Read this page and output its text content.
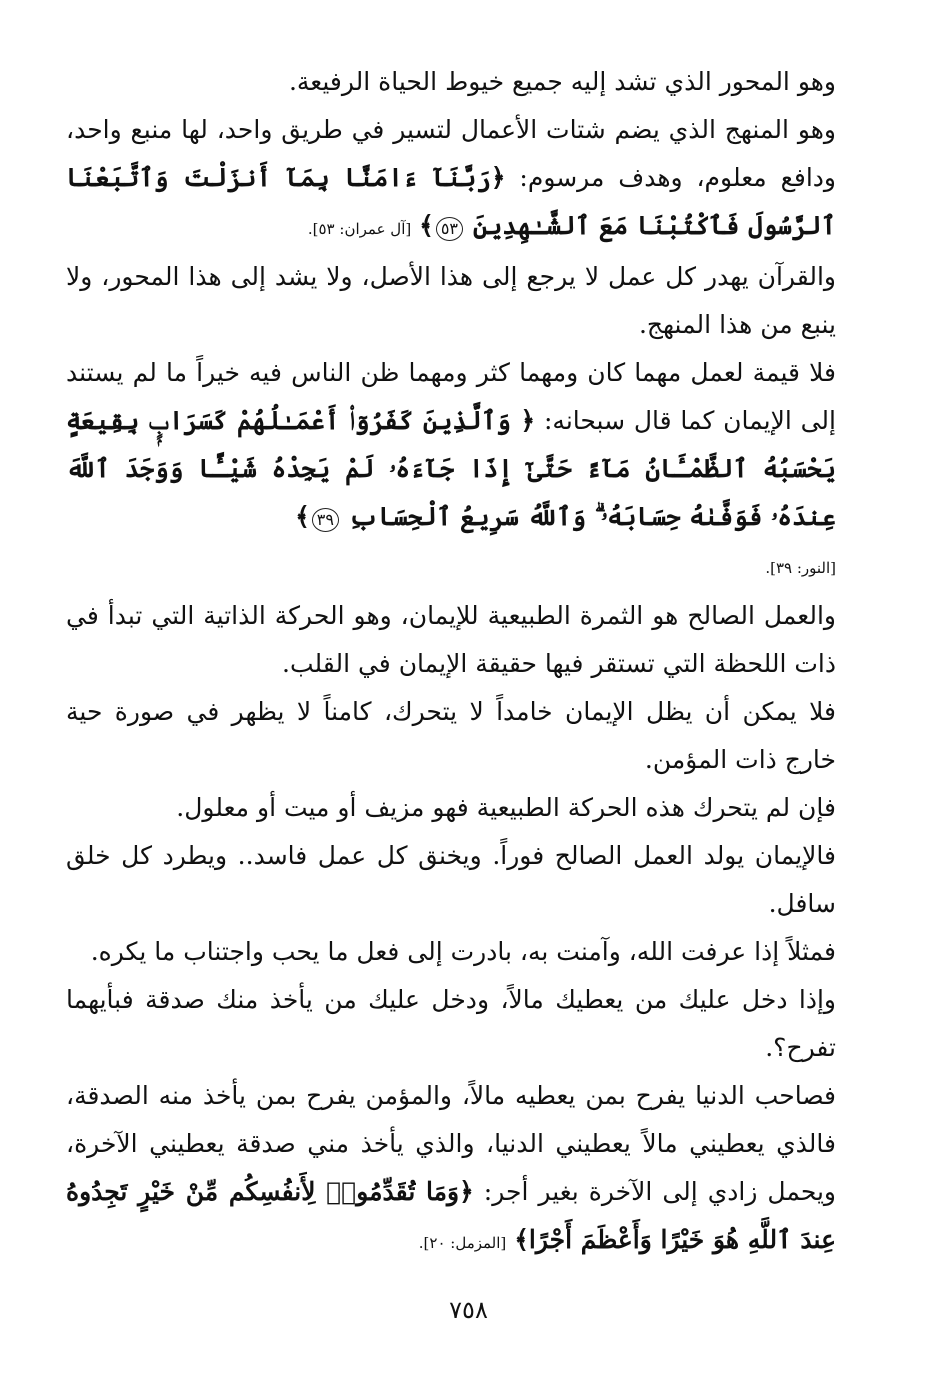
وهو المحور الذي تشد إليه جميع خيوط الحياة الرفيعة.

وهو المنهج الذي يضم شتات الأعمال لتسير في طريق واحد، لها منبع واحد، ودافع معلوم، وهدف مرسوم: ﴿رَبَّنَآ ءَامَنَّا بِمَآ أَنزَلْتَ وَٱتَّبَعْنَا ٱلرَّسُولَ فَٱكْتُبْنَا مَعَ ٱلشَّـٰهِدِينَ ٥٣﴾ [آل عمران: ٥٣].

والقرآن يهدر كل عمل لا يرجع إلى هذا الأصل، ولا يشد إلى هذا المحور، ولا ينبع من هذا المنهج.

فلا قيمة لعمل مهما كان ومهما كثر ومهما ظن الناس فيه خيراً ما لم يستند إلى الإيمان كما قال سبحانه: ﴿ وَٱلَّذِينَ كَفَرُوٓا۟ أَعْمَـٰلُهُمْ كَسَرَابٍۭ بِقِيعَةٍ يَحْسَبُهُ ٱلظَّمْـَٔانُ مَآءً حَتَّىٰٓ إِذَا جَآءَهُۥ لَمْ يَجِدْهُ شَيْـًٔا وَوَجَدَ ٱللَّهَ عِندَهُۥ فَوَفَّىٰهُ حِسَابَهُۥ ۗ وَٱللَّهُ سَرِيعُ ٱلْحِسَابِ ٣٩﴾
[النور: ٣٩].

والعمل الصالح هو الثمرة الطبيعية للإيمان، وهو الحركة الذاتية التي تبدأ في ذات اللحظة التي تستقر فيها حقيقة الإيمان في القلب.

فلا يمكن أن يظل الإيمان خامداً لا يتحرك، كامناً لا يظهر في صورة حية خارج ذات المؤمن.

فإن لم يتحرك هذه الحركة الطبيعية فهو مزيف أو ميت أو معلول.

فالإيمان يولد العمل الصالح فوراً. ويخنق كل عمل فاسد.. ويطرد كل خلق سافل.

فمثلاً إذا عرفت الله، وآمنت به، بادرت إلى فعل ما يحب واجتناب ما يكره.

وإذا دخل عليك من يعطيك مالاً، ودخل عليك من يأخذ منك صدقة فبأيهما تفرح؟.

فصاحب الدنيا يفرح بمن يعطيه مالاً، والمؤمن يفرح بمن يأخذ منه الصدقة، فالذي يعطيني مالاً يعطيني الدنيا، والذي يأخذ مني صدقة يعطيني الآخرة، ويحمل زادي إلى الآخرة بغير أجر: ﴿وَمَا تُقَدِّمُوا۟ لِأَنفُسِكُم مِّنْ خَيْرٍ تَجِدُوهُ عِندَ ٱللَّهِ هُوَ خَيْرًا وَأَعْظَمَ أَجْرًا﴾ [المزمل: ٢٠].

٧٥٨
